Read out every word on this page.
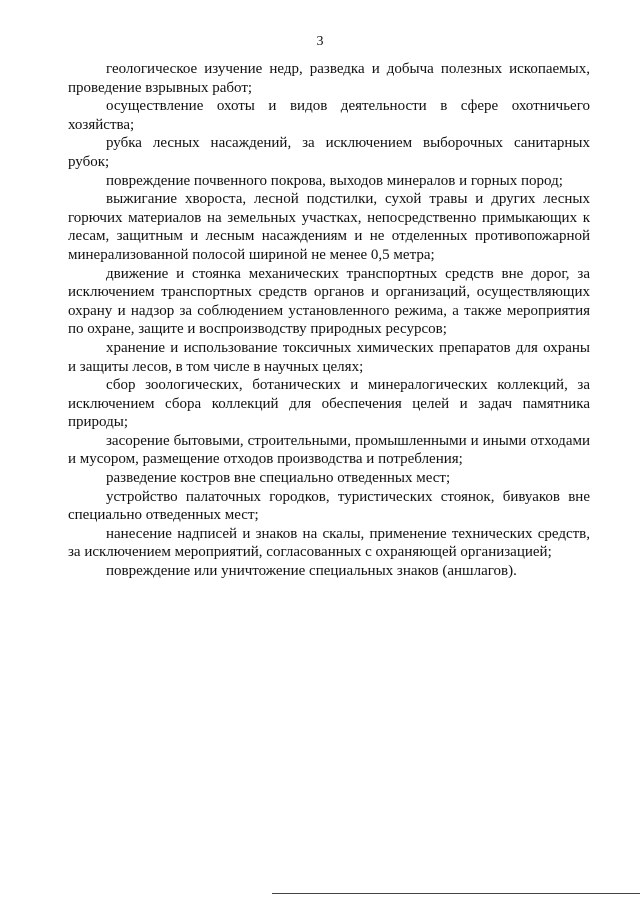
3

геологическое изучение недр, разведка и добыча полезных ископаемых, проведение взрывных работ;

осуществление охоты и видов деятельности в сфере охотничьего хозяйства;

рубка лесных насаждений, за исключением выборочных санитарных рубок;

повреждение почвенного покрова, выходов минералов и горных пород;

выжигание хвороста, лесной подстилки, сухой травы и других лесных горючих материалов на земельных участках, непосредственно примыкающих к лесам, защитным и лесным насаждениям и не отделенных противопожарной минерализованной полосой шириной не менее 0,5 метра;

движение и стоянка механических транспортных средств вне дорог, за исключением транспортных средств органов и организаций, осуществляющих охрану и надзор за соблюдением установленного режима, а также мероприятия по охране, защите и воспроизводству природных ресурсов;

хранение и использование токсичных химических препаратов для охраны и защиты лесов, в том числе в научных целях;

сбор зоологических, ботанических и минералогических коллекций, за исключением сбора коллекций для обеспечения целей и задач памятника природы;

засорение бытовыми, строительными, промышленными и иными отходами и мусором, размещение отходов производства и потребления;

разведение костров вне специально отведенных мест;

устройство палаточных городков, туристических стоянок, бивуаков вне специально отведенных мест;

нанесение надписей и знаков на скалы, применение технических средств, за исключением мероприятий, согласованных с охраняющей организацией;

повреждение или уничтожение специальных знаков (аншлагов).
